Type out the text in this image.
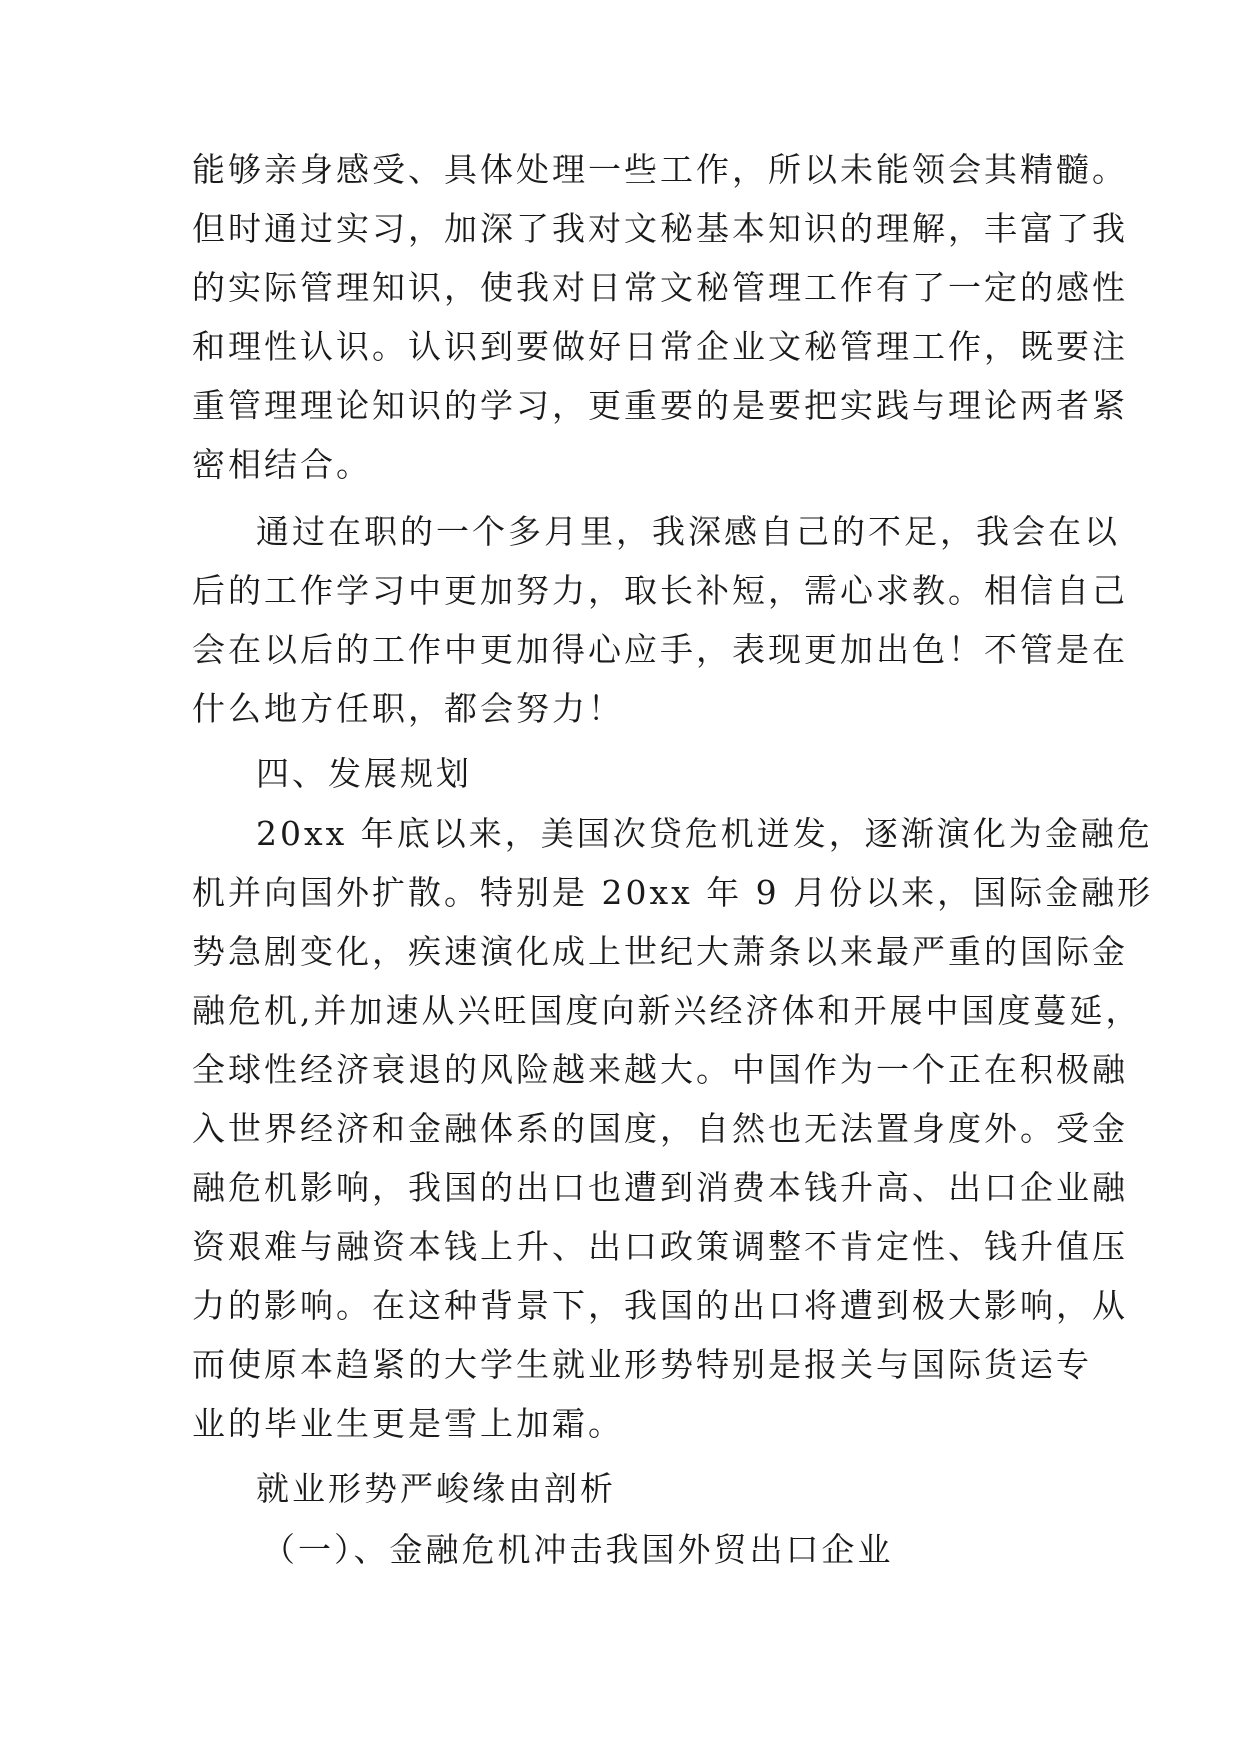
能够亲身感受、具体处理一些工作，所以未能领会其精髓。
但时通过实习，加深了我对文秘基本知识的理解，丰富了我
的实际管理知识，使我对日常文秘管理工作有了一定的感性
和理性认识。认识到要做好日常企业文秘管理工作，既要注
重管理理论知识的学习，更重要的是要把实践与理论两者紧
密相结合。
通过在职的一个多月里，我深感自己的不足，我会在以
后的工作学习中更加努力，取长补短，需心求教。相信自己
会在以后的工作中更加得心应手，表现更加出色！不管是在
什么地方任职，都会努力！
四、发展规划
20xx 年底以来，美国次贷危机迸发，逐渐演化为金融危
机并向国外扩散。特别是 20xx 年 9 月份以来，国际金融形
势急剧变化，疾速演化成上世纪大萧条以来最严重的国际金
融危机,并加速从兴旺国度向新兴经济体和开展中国度蔓延，
全球性经济衰退的风险越来越大。中国作为一个正在积极融
入世界经济和金融体系的国度，自然也无法置身度外。受金
融危机影响，我国的出口也遭到消费本钱升高、出口企业融
资艰难与融资本钱上升、出口政策调整不肯定性、钱升值压
力的影响。在这种背景下，我国的出口将遭到极大影响，从
而使原本趋紧的大学生就业形势特别是报关与国际货运专
业的毕业生更是雪上加霜。
就业形势严峻缘由剖析
（一）、金融危机冲击我国外贸出口企业
